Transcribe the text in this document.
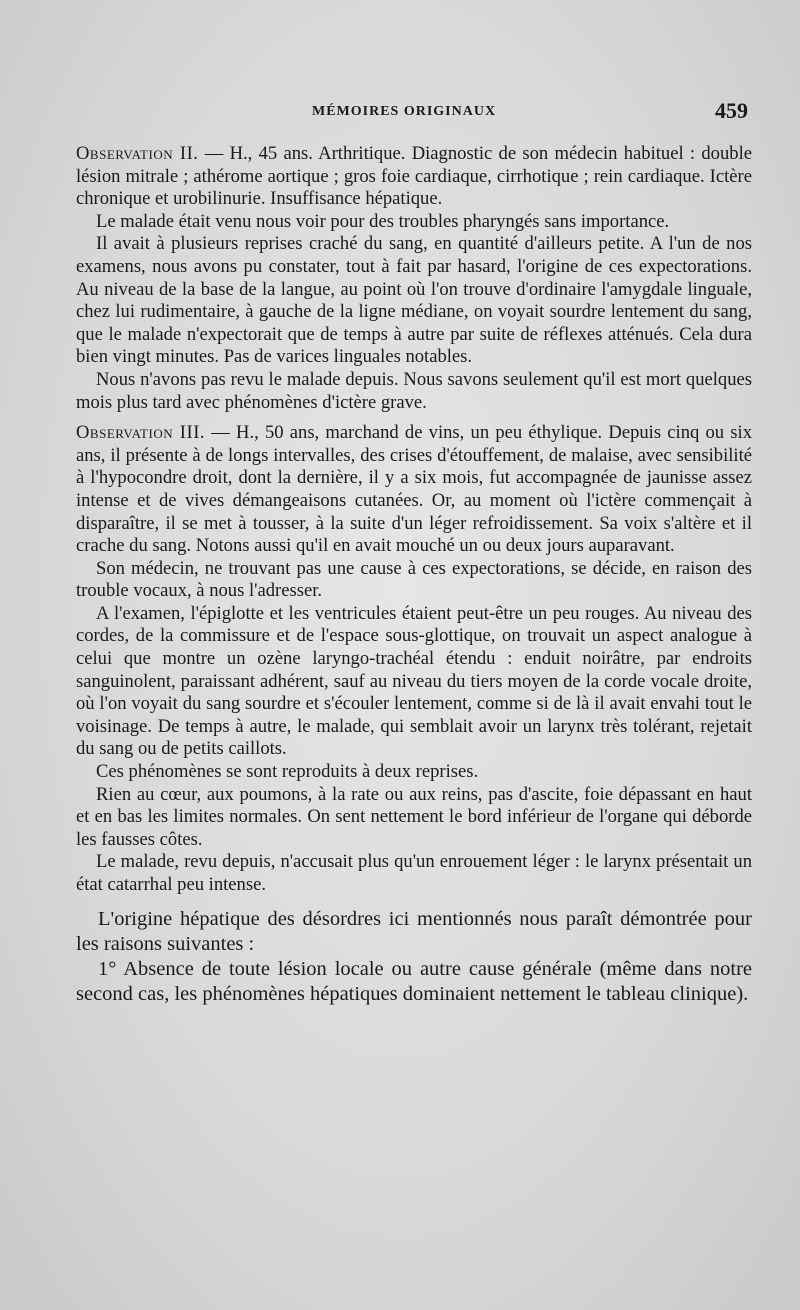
MÉMOIRES ORIGINAUX	459

Observation II. — H., 45 ans. Arthritique. Diagnostic de son médecin habituel : double lésion mitrale ; athérome aortique ; gros foie cardiaque, cirrhotique ; rein cardiaque. Ictère chronique et urobilinurie. Insuffisance hépatique.

Le malade était venu nous voir pour des troubles pharyngés sans importance.

Il avait à plusieurs reprises craché du sang, en quantité d'ailleurs petite. A l'un de nos examens, nous avons pu constater, tout à fait par hasard, l'origine de ces expectorations. Au niveau de la base de la langue, au point où l'on trouve d'ordinaire l'amygdale linguale, chez lui rudimentaire, à gauche de la ligne médiane, on voyait sourdre lentement du sang, que le malade n'expectorait que de temps à autre par suite de réflexes atténués. Cela dura bien vingt minutes. Pas de varices linguales notables.

Nous n'avons pas revu le malade depuis. Nous savons seulement qu'il est mort quelques mois plus tard avec phénomènes d'ictère grave.

Observation III. — H., 50 ans, marchand de vins, un peu éthylique. Depuis cinq ou six ans, il présente à de longs intervalles, des crises d'étouffement, de malaise, avec sensibilité à l'hypocondre droit, dont la dernière, il y a six mois, fut accompagnée de jaunisse assez intense et de vives démangeaisons cutanées. Or, au moment où l'ictère commençait à disparaître, il se met à tousser, à la suite d'un léger refroidissement. Sa voix s'altère et il crache du sang. Notons aussi qu'il en avait mouché un ou deux jours auparavant.

Son médecin, ne trouvant pas une cause à ces expectorations, se décide, en raison des trouble vocaux, à nous l'adresser.

A l'examen, l'épiglotte et les ventricules étaient peut-être un peu rouges. Au niveau des cordes, de la commissure et de l'espace sous-glottique, on trouvait un aspect analogue à celui que montre un ozène laryngo-trachéal étendu : enduit noirâtre, par endroits sanguinolent, paraissant adhérent, sauf au niveau du tiers moyen de la corde vocale droite, où l'on voyait du sang sourdre et s'écouler lentement, comme si de là il avait envahi tout le voisinage. De temps à autre, le malade, qui semblait avoir un larynx très tolérant, rejetait du sang ou de petits caillots.

Ces phénomènes se sont reproduits à deux reprises.

Rien au cœur, aux poumons, à la rate ou aux reins, pas d'ascite, foie dépassant en haut et en bas les limites normales. On sent nettement le bord inférieur de l'organe qui déborde les fausses côtes.

Le malade, revu depuis, n'accusait plus qu'un enrouement léger : le larynx présentait un état catarrhal peu intense.

L'origine hépatique des désordres ici mentionnés nous paraît démontrée pour les raisons suivantes :

1° Absence de toute lésion locale ou autre cause générale (même dans notre second cas, les phénomènes hépatiques dominaient nettement le tableau clinique).
